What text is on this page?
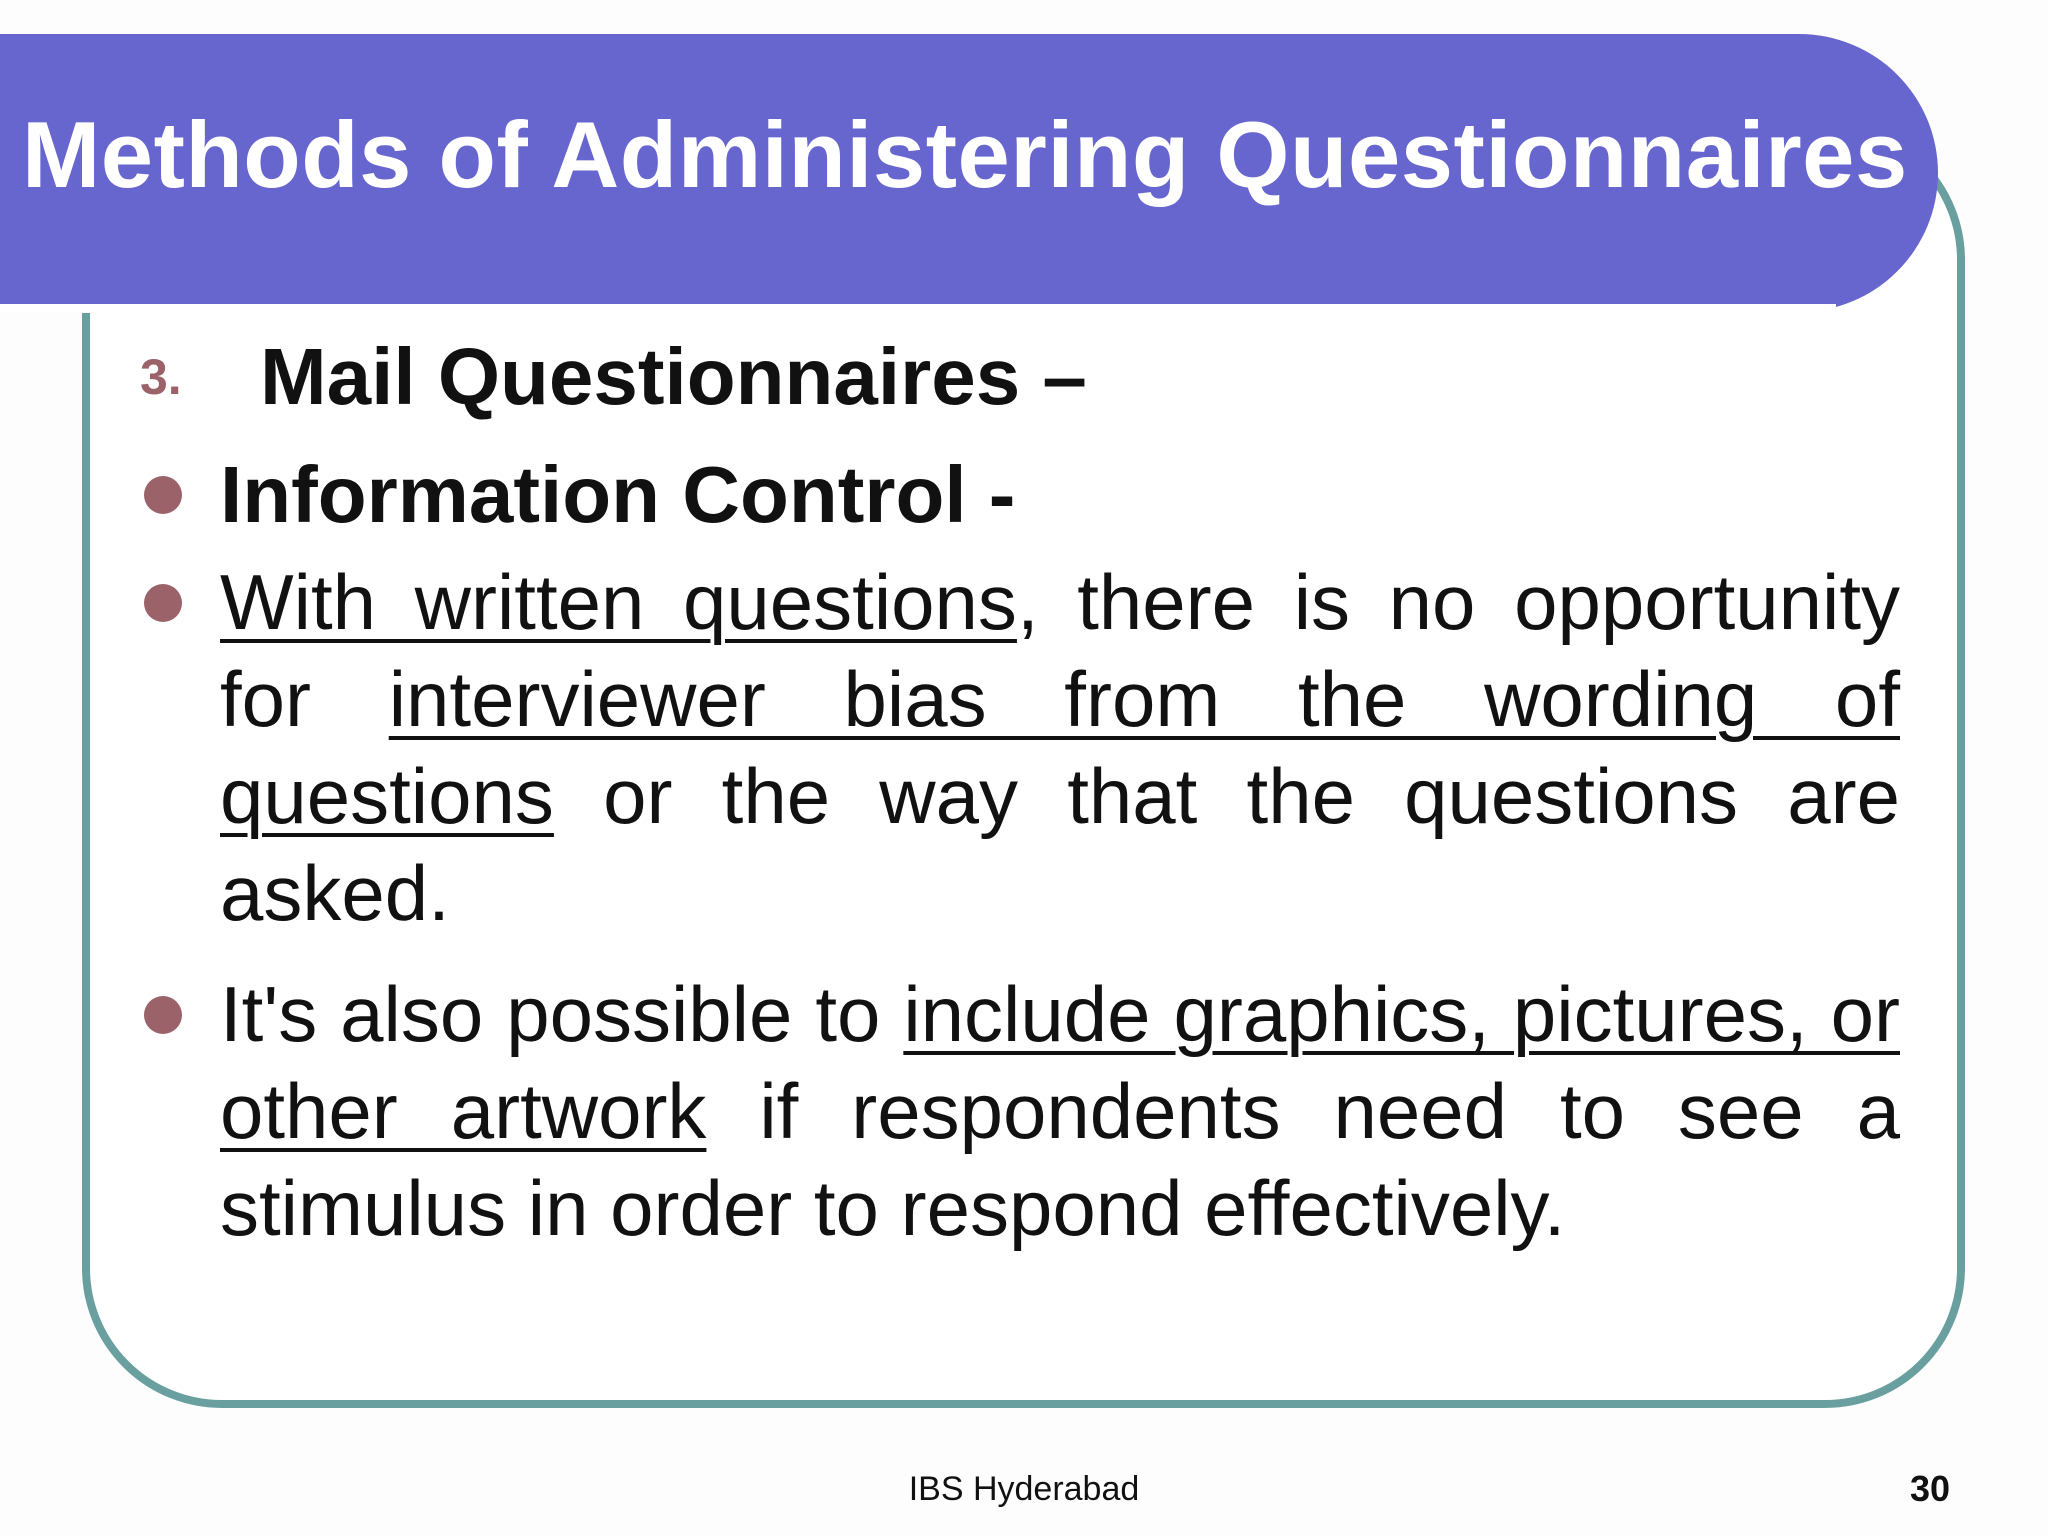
Methods of Administering Questionnaires
3. Mail Questionnaires –
Information Control -
With written questions, there is no opportunity for interviewer bias from the wording of questions or the way that the questions are asked.
It's also possible to include graphics, pictures, or other artwork if respondents need to see a stimulus in order to respond effectively.
IBS Hyderabad	30
